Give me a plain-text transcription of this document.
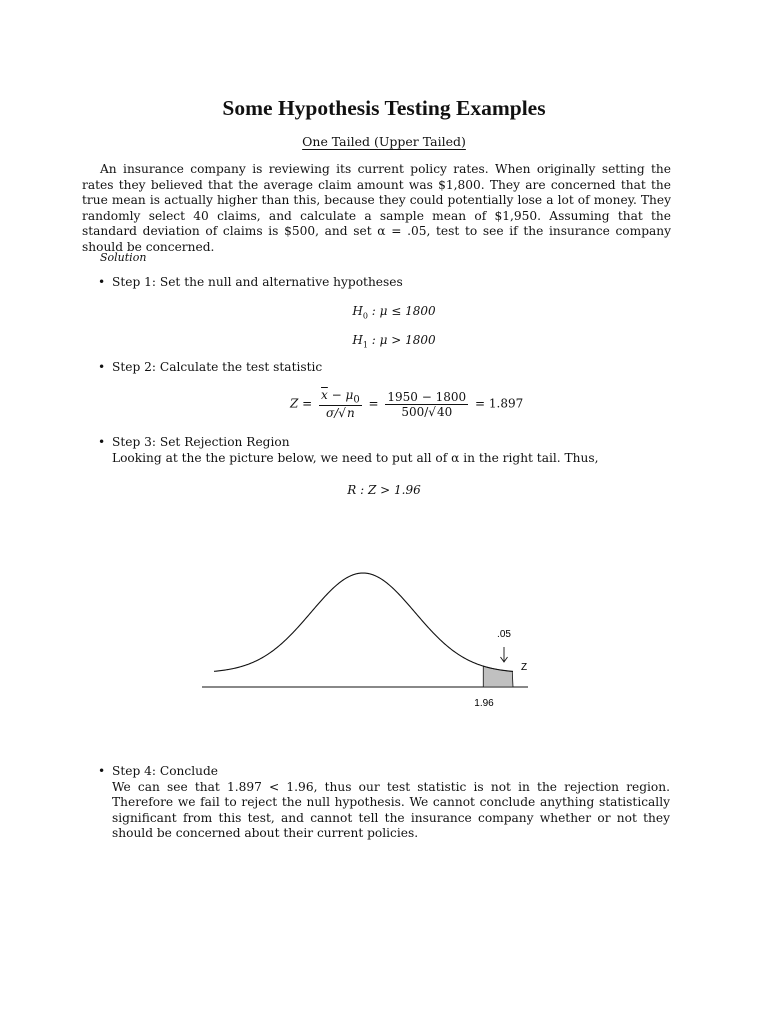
Some Hypothesis Testing Examples
One Tailed (Upper Tailed)
An insurance company is reviewing its current policy rates. When originally setting the rates they believed that the average claim amount was $1,800. They are concerned that the true mean is actually higher than this, because they could potentially lose a lot of money. They randomly select 40 claims, and calculate a sample mean of $1,950. Assuming that the standard deviation of claims is $500, and set α = .05, test to see if the insurance company should be concerned.
Solution
• Step 1: Set the null and alternative hypotheses
$H_0$ : μ ≤ 1800
$H_1$ : μ > 1800
• Step 2: Calculate the test statistic
$Z = \frac{\overline{x} - \mu_0}{\sigma/√n} = \frac{1950 - 1800}{500/√40} = 1.897$
• Step 3: Set Rejection Region
Looking at the the picture below, we need to put all of α in the right tail. Thus,
R : Z > 1.96
.05
Z
1.96
• Step 4: Conclude
We can see that 1.897 < 1.96, thus our test statistic is not in the rejection region. Therefore we fail to reject the null hypothesis. We cannot conclude anything statistically significant from this test, and cannot tell the insurance company whether or not they should be concerned about their current policies.
